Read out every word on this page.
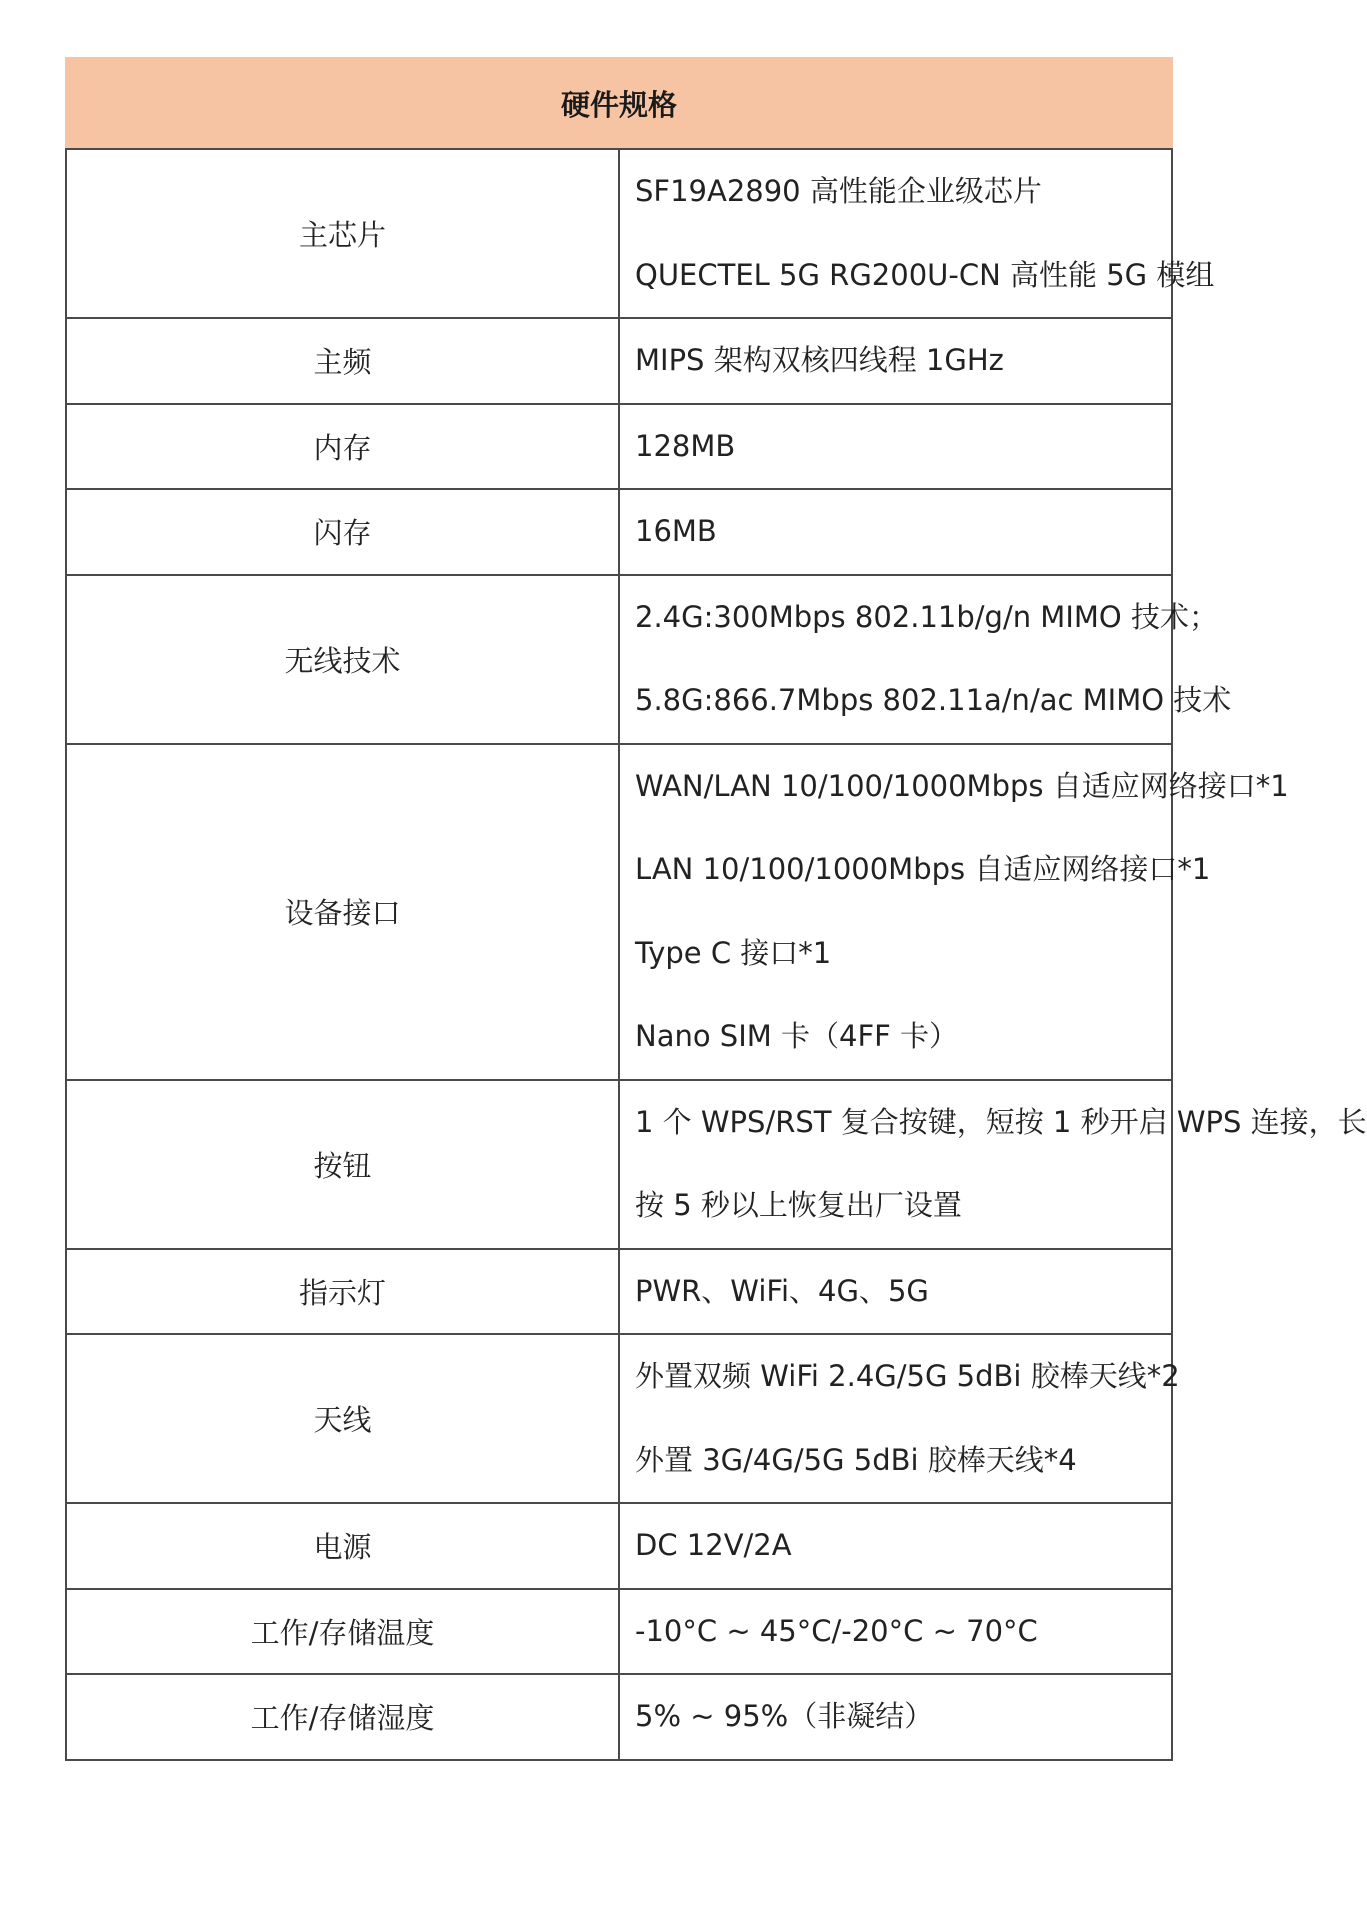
硬件规格	
主芯片	SF19A2890 高性能企业级芯片
QUECTEL 5G RG200U-CN 高性能 5G 模组

主频	MIPS 架构双核四线程 1GHz

内存	128MB

闪存	16MB

无线技术	2.4G:300Mbps 802.11b/g/n MIMO 技术；
5.8G:866.7Mbps 802.11a/n/ac MIMO 技术

设备接口	WAN/LAN 10/100/1000Mbps 自适应网络接口*1
LAN 10/100/1000Mbps 自适应网络接口*1
Type C 接口*1
Nano SIM 卡（4FF 卡）

按钮	1 个 WPS/RST 复合按键，短按 1 秒开启 WPS 连接，长
按 5 秒以上恢复出厂设置

指示灯	PWR、WiFi、4G、5G

天线	外置双频 WiFi 2.4G/5G 5dBi 胶棒天线*2
外置 3G/4G/5G 5dBi 胶棒天线*4

电源	DC 12V/2A

工作/存储温度	-10°C ~ 45°C/-20°C ~ 70°C

工作/存储湿度	5% ~ 95%（非凝结）
